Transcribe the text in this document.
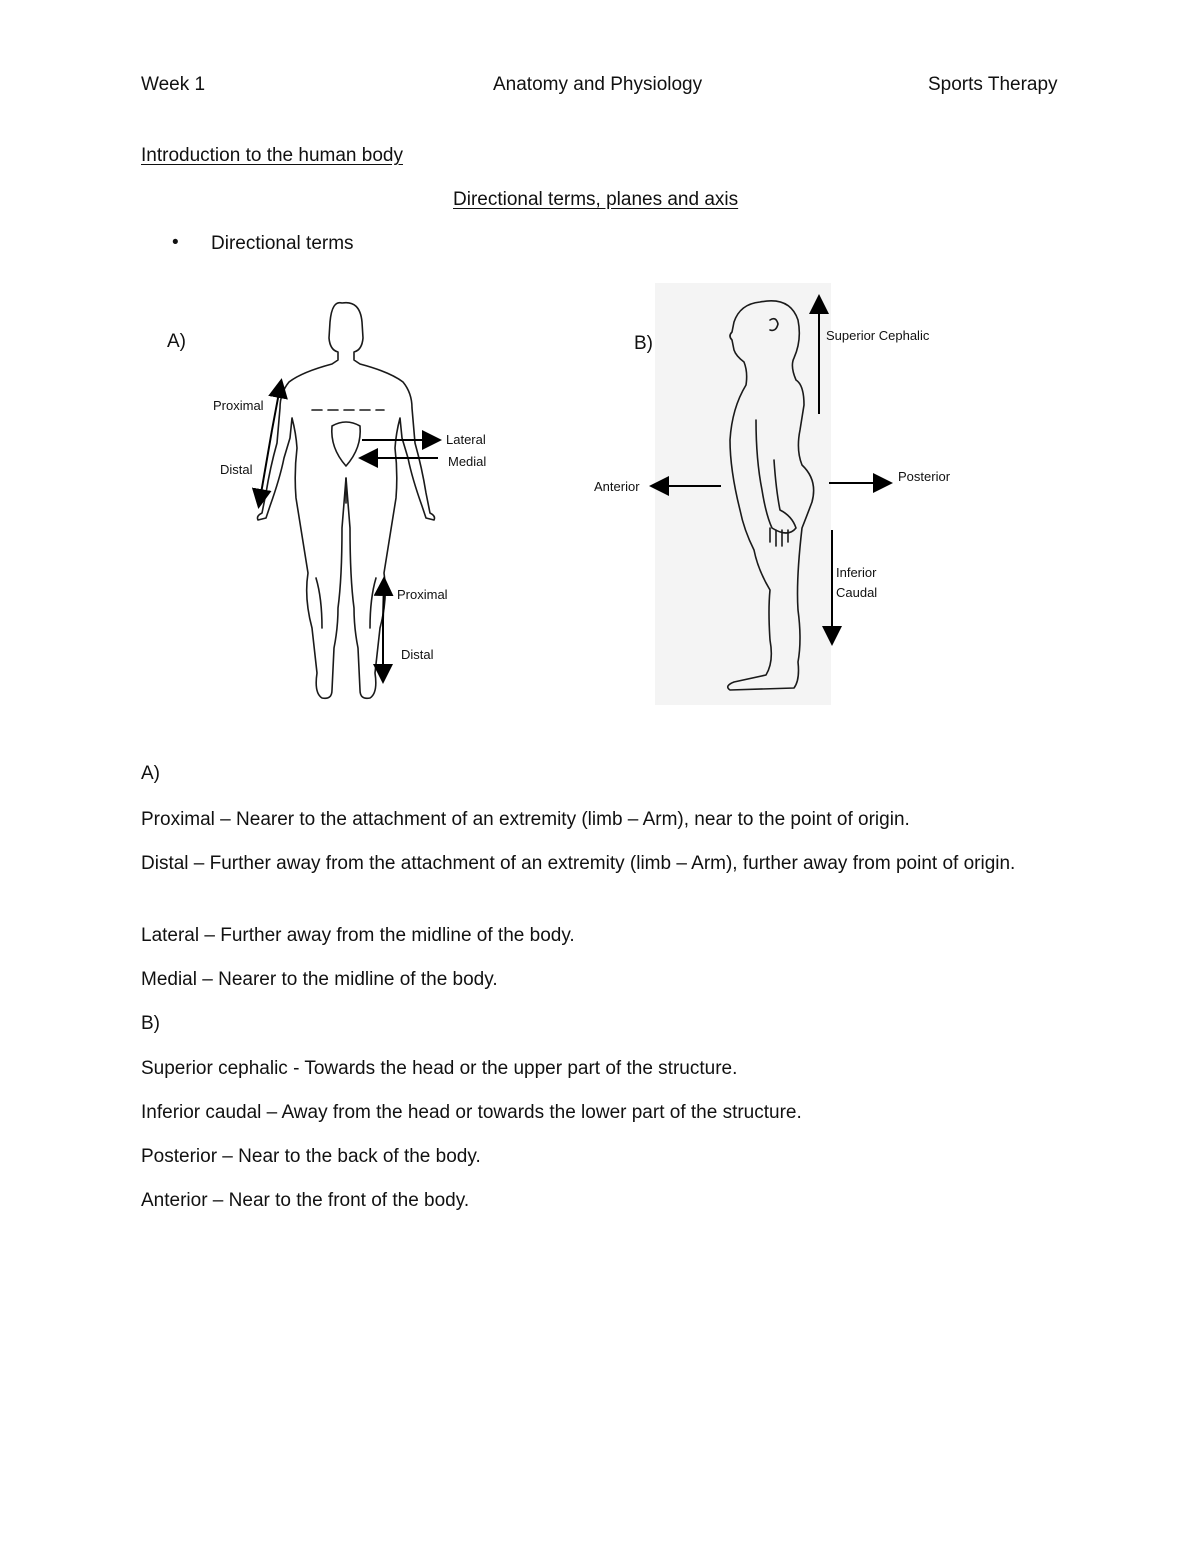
Week 1	Anatomy and Physiology	Sports Therapy
Introduction to the human body
Directional terms, planes and axis
• Directional terms
A)
Proximal
Distal
Lateral
Medial
Proximal
Distal
B)	Superior Cephalic
Anterior
Posterior
Inferior
Caudal
A)
Proximal – Nearer to the attachment of an extremity (limb – Arm), near to the point of origin.
Distal – Further away from the attachment of an extremity (limb – Arm), further away from point of origin.
Lateral – Further away from the midline of the body.
Medial – Nearer to the midline of the body.
B)
Superior cephalic - Towards the head or the upper part of the structure.
Inferior caudal – Away from the head or towards the lower part of the structure.
Posterior – Near to the back of the body.
Anterior – Near to the front of the body.
